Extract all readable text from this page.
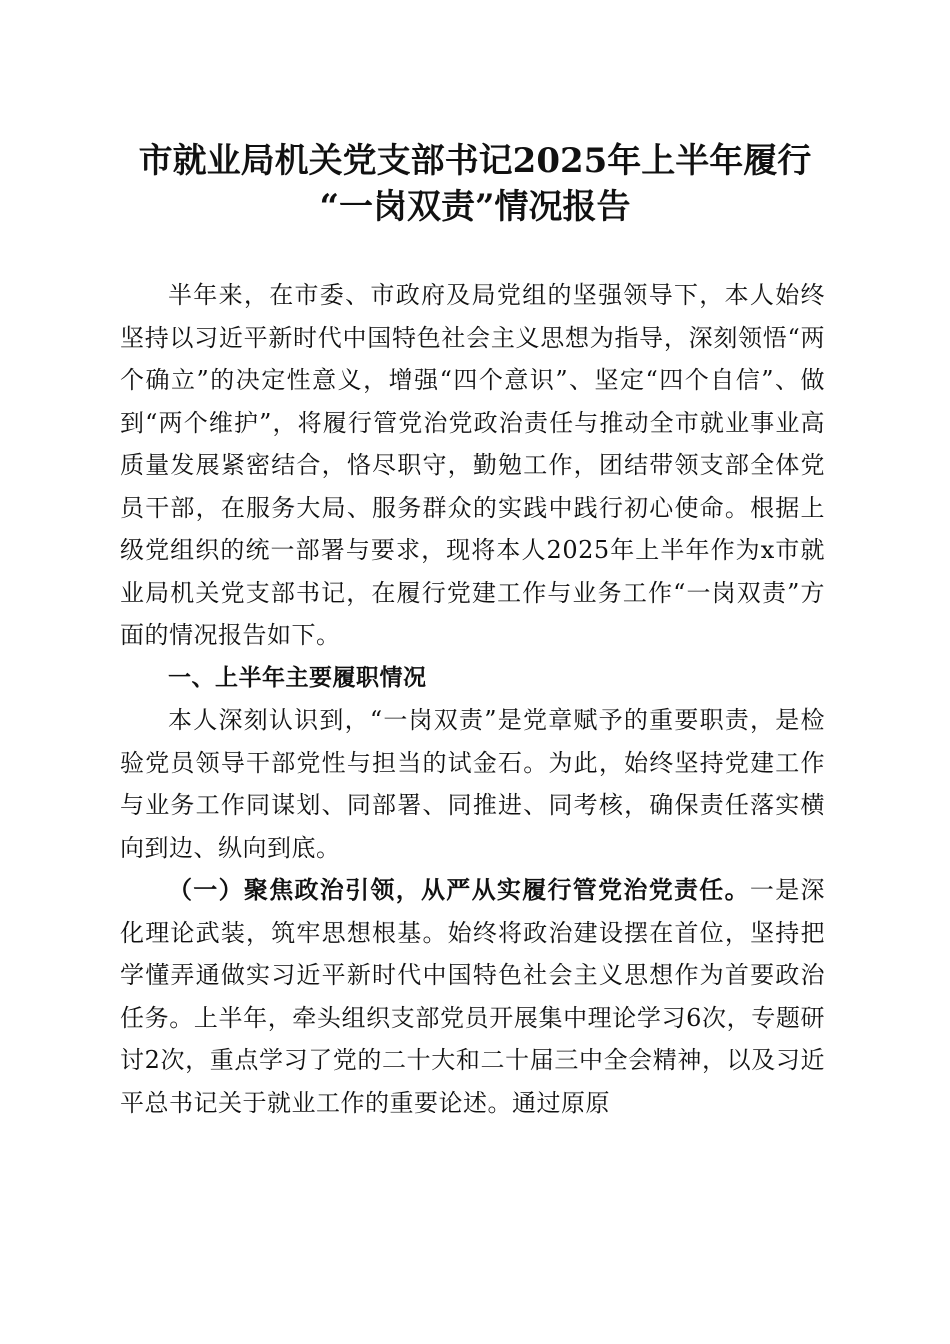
市就业局机关党支部书记2025年上半年履行
“一岗双责”情况报告

半年来，在市委、市政府及局党组的坚强领导下，本人始终坚持以习近平新时代中国特色社会主义思想为指导，深刻领悟“两个确立”的决定性意义，增强“四个意识”、坚定“四个自信”、做到“两个维护”，将履行管党治党政治责任与推动全市就业事业高质量发展紧密结合，恪尽职守，勤勉工作，团结带领支部全体党员干部，在服务大局、服务群众的实践中践行初心使命。根据上级党组织的统一部署与要求，现将本人2025年上半年作为x市就业局机关党支部书记，在履行党建工作与业务工作“一岗双责”方面的情况报告如下。

一、上半年主要履职情况

本人深刻认识到，“一岗双责”是党章赋予的重要职责，是检验党员领导干部党性与担当的试金石。为此，始终坚持党建工作与业务工作同谋划、同部署、同推进、同考核，确保责任落实横向到边、纵向到底。

（一）聚焦政治引领，从严从实履行管党治党责任。一是深化理论武装，筑牢思想根基。始终将政治建设摆在首位，坚持把学懂弄通做实习近平新时代中国特色社会主义思想作为首要政治任务。上半年，牵头组织支部党员开展集中理论学习6次，专题研讨2次，重点学习了党的二十大和二十届三中全会精神，以及习近平总书记关于就业工作的重要论述。通过原原
